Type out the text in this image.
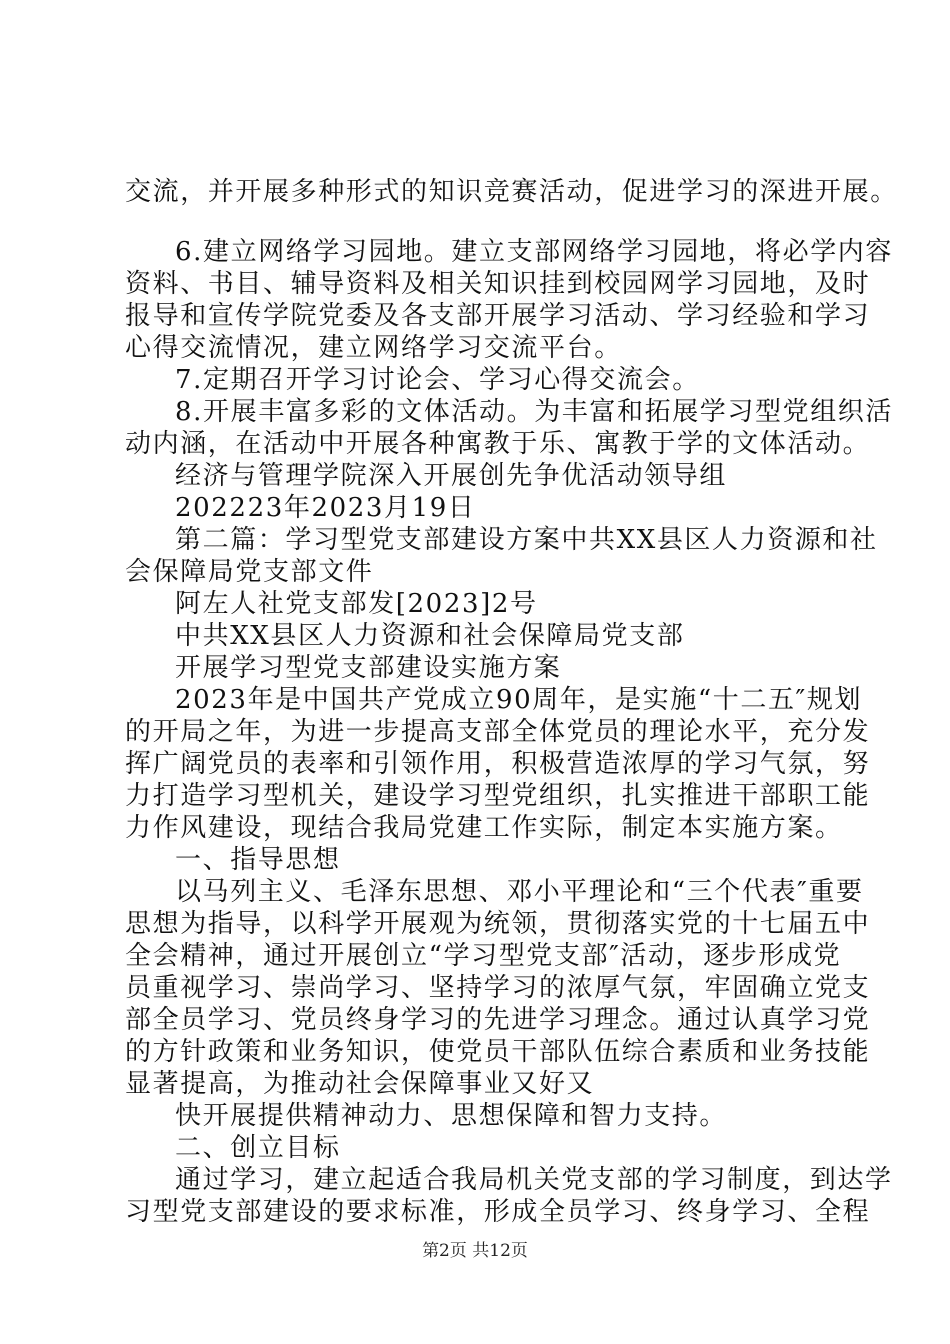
交流，并开展多种形式的知识竞赛活动，促进学习的深进开展。
6.建立网络学习园地。建立支部网络学习园地，将必学内容
资料、书目、辅导资料及相关知识挂到校园网学习园地，及时
报导和宣传学院党委及各支部开展学习活动、学习经验和学习
心得交流情况，建立网络学习交流平台。
7.定期召开学习讨论会、学习心得交流会。
8.开展丰富多彩的文体活动。为丰富和拓展学习型党组织活
动内涵，在活动中开展各种寓教于乐、寓教于学的文体活动。
经济与管理学院深入开展创先争优活动领导组
202223年2023月19日
第二篇：学习型党支部建设方案中共XX县区人力资源和社
会保障局党支部文件
阿左人社党支部发[2023]2号
中共XX县区人力资源和社会保障局党支部
开展学习型党支部建设实施方案
2023年是中国共产党成立90周年，是实施“十二五″规划
的开局之年，为进一步提高支部全体党员的理论水平，充分发
挥广阔党员的表率和引领作用，积极营造浓厚的学习气氛，努
力打造学习型机关，建设学习型党组织，扎实推进干部职工能
力作风建设，现结合我局党建工作实际，制定本实施方案。
一、指导思想
以马列主义、毛泽东思想、邓小平理论和“三个代表″重要
思想为指导，以科学开展观为统领，贯彻落实党的十七届五中
全会精神，通过开展创立“学习型党支部″活动，逐步形成党
员重视学习、崇尚学习、坚持学习的浓厚气氛，牢固确立党支
部全员学习、党员终身学习的先进学习理念。通过认真学习党
的方针政策和业务知识，使党员干部队伍综合素质和业务技能
显著提高，为推动社会保障事业又好又
快开展提供精神动力、思想保障和智力支持。
二、创立目标
通过学习，建立起适合我局机关党支部的学习制度，到达学
习型党支部建设的要求标准，形成全员学习、终身学习、全程
第2页 共12页
